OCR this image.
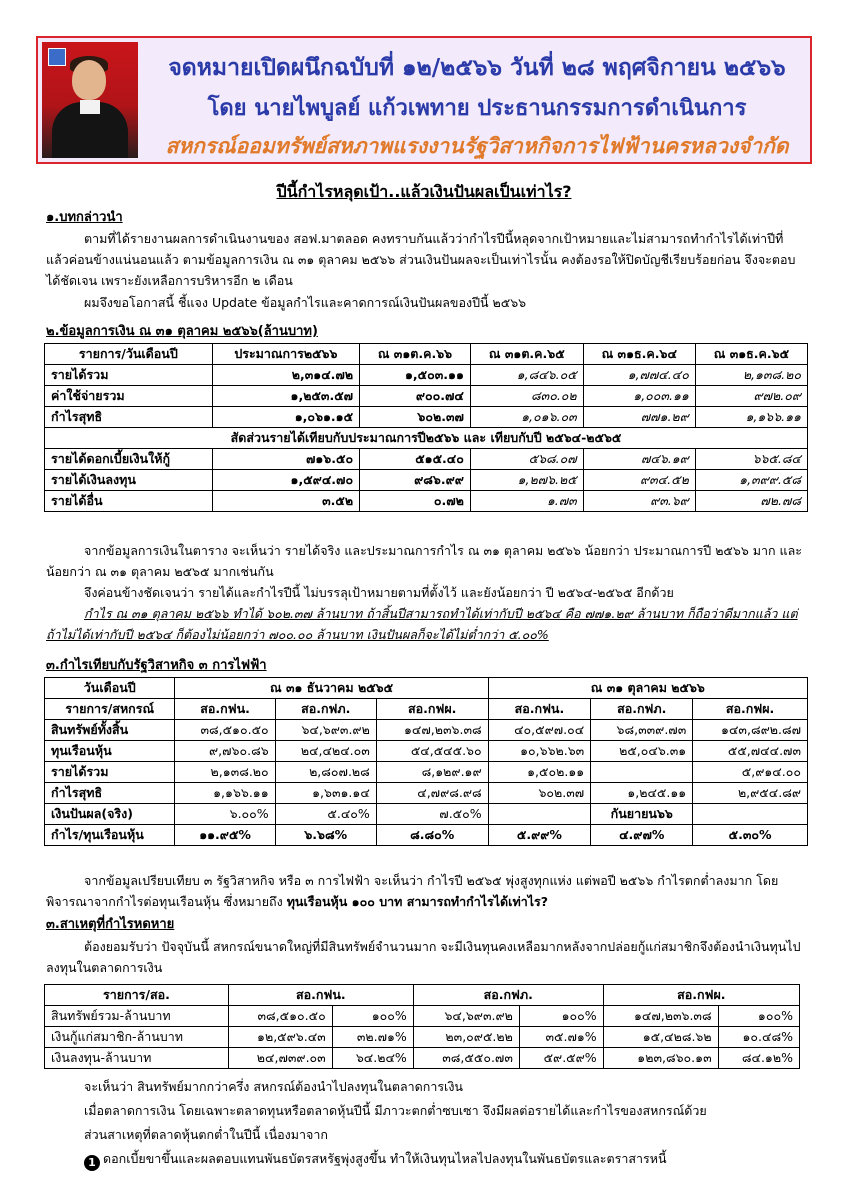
จดหมายเปิดผนึกฉบับที่ ๑๒/๒๕๖๖ วันที่ ๒๘ พฤศจิกายน ๒๕๖๖
โดย นายไพบูลย์ แก้วเพทาย ประธานกรรมการดำเนินการ
สหกรณ์ออมทรัพย์สหภาพแรงงานรัฐวิสาหกิจการไฟฟ้านครหลวงจำกัด
ปีนี้กำไรหลุดเป้า..แล้วเงินปันผลเป็นเท่าไร?
๑.บทกล่าวนำ
ตามที่ได้รายงานผลการดำเนินงานของ สอฟ.มาตลอด คงทราบกันแล้วว่ากำไรปีนี้หลุดจากเป้าหมายและไม่สามารถทำกำไรได้เท่าปีที่แล้วค่อนข้างแน่นอนแล้ว ตามข้อมูลการเงิน ณ ๓๑ ตุลาคม ๒๕๖๖ ส่วนเงินปันผลจะเป็นเท่าไรนั้น คงต้องรอให้ปิดบัญชีเรียบร้อยก่อน จึงจะตอบได้ชัดเจน เพราะยังเหลือการบริหารอีก ๒ เดือน
ผมจึงขอโอกาสนี้ ชี้แจง Update ข้อมูลกำไรและคาดการณ์เงินปันผลของปีนี้ ๒๕๖๖
๒.ข้อมูลการเงิน ณ ๓๑ ตุลาคม ๒๕๖๖(ล้านบาท)
รายการ/วันเดือนปี	ประมาณการ๒๕๖๖	ณ ๓๑ต.ค.๖๖	ณ ๓๑ต.ค.๖๕	ณ ๓๑ธ.ค.๖๔	ณ ๓๑ธ.ค.๖๕
รายได้รวม	๒,๓๑๔.๗๒	๑,๕๐๓.๑๑	๑,๘๔๖.๐๕	๑,๗๗๔.๔๐	๒,๑๓๘.๒๐
ค่าใช้จ่ายรวม	๑,๒๕๓.๕๗	๙๐๐.๗๔	๘๓๐.๐๒	๑,๐๐๓.๑๑	๙๗๒.๐๙
กำไรสุทธิ	๑,๐๖๑.๑๕	๖๐๒.๓๗	๑,๐๑๖.๐๓	๗๗๑.๒๙	๑,๑๖๖.๑๑
สัดส่วนรายได้เทียบกับประมาณการปี๒๕๖๖ และ เทียบกับปี ๒๕๖๔-๒๕๖๕					
รายได้ดอกเบี้ยเงินให้กู้	๗๑๖.๕๐	๕๑๕.๔๐	๕๖๘.๐๗	๗๔๖.๑๙	๖๖๕.๘๔
รายได้เงินลงทุน	๑,๕๙๔.๗๐	๙๘๖.๙๙	๑,๒๗๖.๒๕	๙๓๔.๕๒	๑,๓๙๙.๕๘
รายได้อื่น	๓.๕๒	๐.๗๒	๑.๗๓	๙๓.๖๙	๗๒.๗๘
จากข้อมูลการเงินในตาราง จะเห็นว่า รายได้จริง และประมาณการกำไร ณ ๓๑ ตุลาคม ๒๕๖๖ น้อยกว่า ประมาณการปี ๒๕๖๖ มาก และน้อยกว่า ณ ๓๑ ตุลาคม ๒๕๖๕ มากเช่นกัน
จึงค่อนข้างชัดเจนว่า รายได้และกำไรปีนี้ ไม่บรรลุเป้าหมายตามที่ตั้งไว้ และยังน้อยกว่า ปี ๒๕๖๔-๒๕๖๕ อีกด้วย
กำไร ณ ๓๑ ตุลาคม ๒๕๖๖ ทำได้ ๖๐๒.๓๗ ล้านบาท ถ้าสิ้นปีสามารถทำได้เท่ากับปี ๒๕๖๔ คือ ๗๗๑.๒๙ ล้านบาท ก็ถือว่าดีมากแล้ว แต่ถ้าไม่ได้เท่ากับปี ๒๕๖๔ ก็ต้องไม่น้อยกว่า ๗๐๐.๐๐ ล้านบาท เงินปันผลก็จะได้ไม่ต่ำกว่า ๕.๐๐%
๓.กำไรเทียบกับรัฐวิสาหกิจ ๓ การไฟฟ้า
วันเดือนปี	ณ ๓๑ ธันวาคม ๒๕๖๕			ณ ๓๑ ตุลาคม ๒๕๖๖		
รายการ/สหกรณ์	สอ.กฟน.	สอ.กฟภ.	สอ.กฟผ.	สอ.กฟน.	สอ.กฟภ.	สอ.กฟผ.
สินทรัพย์ทั้งสิ้น	๓๘,๕๑๐.๕๐	๖๔,๖๙๓.๙๒	๑๔๗,๒๓๖.๓๘	๔๐,๕๙๗.๐๔	๖๘,๓๓๙.๗๓	๑๔๓,๘๙๒.๘๗
ทุนเรือนหุ้น	๙,๗๖๐.๘๖	๒๔,๔๒๔.๐๓	๕๔,๕๔๕.๖๐	๑๐,๖๖๒.๖๓	๒๕,๐๔๖.๓๑	๕๕,๗๔๔.๗๓
รายได้รวม	๒,๑๓๘.๒๐	๒,๘๐๗.๒๘	๘,๑๒๙.๑๙	๑,๕๐๒.๑๑		๕,๙๑๔.๐๐
กำไรสุทธิ	๑,๑๖๖.๑๑	๑,๖๓๑.๑๔	๔,๗๙๘.๙๘	๖๐๒.๓๗	๑,๒๔๕.๑๑	๒,๙๕๔.๘๙
เงินปันผล(จริง)	๖.๐๐%	๕.๔๐%	๗.๕๐%		กันยายน๖๖	
กำไร/ทุนเรือนหุ้น	๑๑.๙๕%	๖.๖๘%	๘.๘๐%	๕.๙๙%	๔.๙๗%	๕.๓๐%
จากข้อมูลเปรียบเทียบ ๓ รัฐวิสาหกิจ หรือ ๓ การไฟฟ้า จะเห็นว่า กำไรปี ๒๕๖๕ พุ่งสูงทุกแห่ง แต่พอปี ๒๕๖๖ กำไรตกต่ำลงมาก โดยพิจารณาจากกำไรต่อทุนเรือนหุ้น ซึ่งหมายถึง ทุนเรือนหุ้น ๑๐๐ บาท สามารถทำกำไรได้เท่าไร?
๓.สาเหตุที่กำไรหดหาย
ต้องยอมรับว่า ปัจจุบันนี้ สหกรณ์ขนาดใหญ่ที่มีสินทรัพย์จำนวนมาก จะมีเงินทุนคงเหลือมากหลังจากปล่อยกู้แก่สมาชิกจึงต้องนำเงินทุนไปลงทุนในตลาดการเงิน
รายการ/สอ.	สอ.กฟน.		สอ.กฟภ.		สอ.กฟผ.	
สินทรัพย์รวม-ล้านบาท	๓๘,๕๑๐.๕๐	๑๐๐%	๖๔,๖๙๓.๙๒	๑๐๐%	๑๔๗,๒๓๖.๓๘	๑๐๐%
เงินกู้แก่สมาชิก-ล้านบาท	๑๒,๕๙๖.๔๓	๓๒.๗๑%	๒๓,๐๙๕.๒๒	๓๕.๗๑%	๑๕,๔๒๘.๖๒	๑๐.๔๘%
เงินลงทุน-ล้านบาท	๒๔,๗๓๙.๐๓	๖๔.๒๔%	๓๘,๕๕๐.๗๓	๕๙.๕๙%	๑๒๓,๘๖๐.๑๓	๘๔.๑๒%
จะเห็นว่า สินทรัพย์มากกว่าครึ่ง สหกรณ์ต้องนำไปลงทุนในตลาดการเงิน
เมื่อตลาดการเงิน โดยเฉพาะตลาดทุนหรือตลาดหุ้นปีนี้ มีภาวะตกต่ำซบเซา จึงมีผลต่อรายได้และกำไรของสหกรณ์ด้วย
ส่วนสาเหตุที่ตลาดหุ้นตกต่ำในปีนี้ เนื่องมาจาก
1 ดอกเบี้ยขาขึ้นและผลตอบแทนพันธบัตรสหรัฐพุ่งสูงขึ้น ทำให้เงินทุนไหลไปลงทุนในพันธบัตรและตราสารหนี้
